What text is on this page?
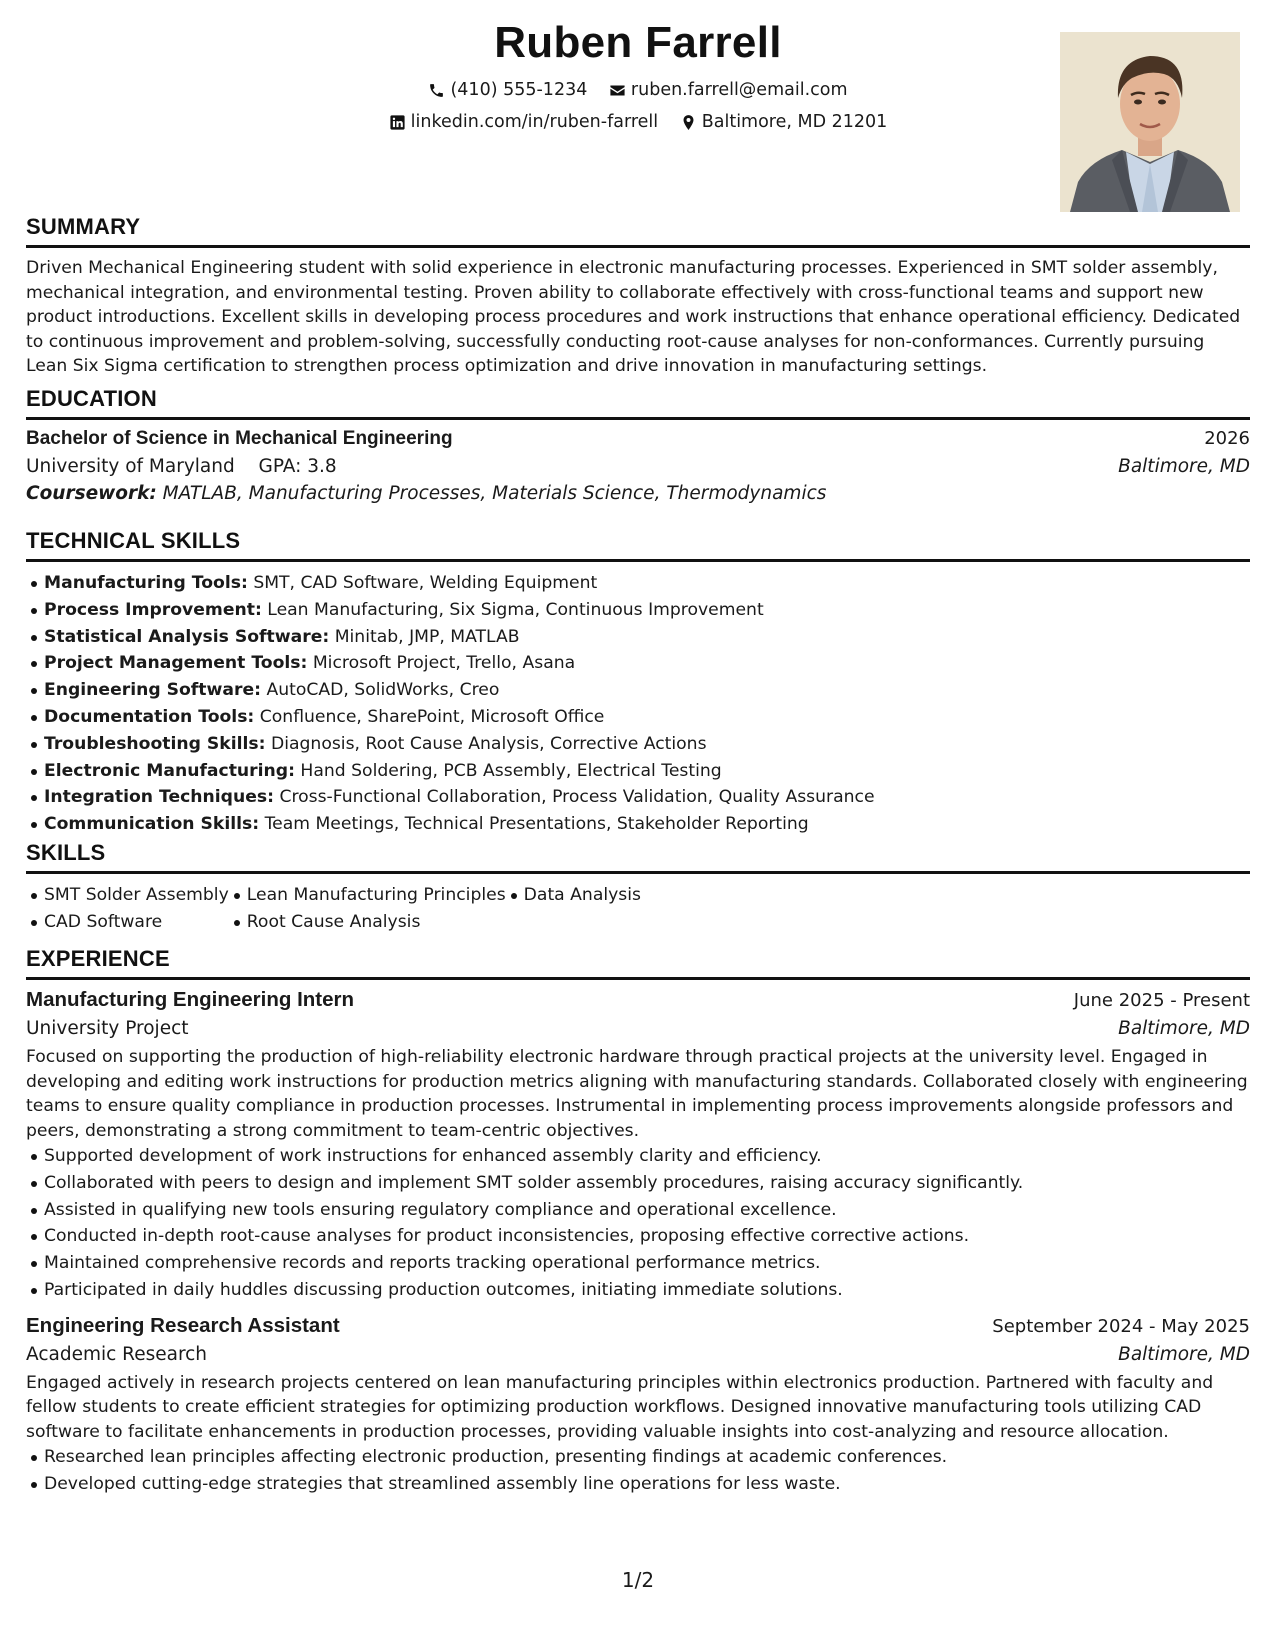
Ruben Farrell
(410) 555-1234
ruben.farrell@email.com
linkedin.com/in/ruben-farrell
Baltimore, MD 21201
SUMMARY

Driven Mechanical Engineering student with solid experience in electronic manufacturing processes. Experienced in SMT solder assembly, mechanical integration, and environmental testing. Proven ability to collaborate effectively with cross-functional teams and support new product introductions. Excellent skills in developing process procedures and work instructions that enhance operational efficiency. Dedicated to continuous improvement and problem-solving, successfully conducting root-cause analyses for non-conformances. Currently pursuing Lean Six Sigma certification to strengthen process optimization and drive innovation in manufacturing settings.

EDUCATION
Bachelor of Science in Mechanical Engineering	2026
University of Maryland GPA: 3.8	Baltimore, MD
Coursework: MATLAB, Manufacturing Processes, Materials Science, Thermodynamics
TECHNICAL SKILLS
Manufacturing Tools: SMT, CAD Software, Welding Equipment
Process Improvement: Lean Manufacturing, Six Sigma, Continuous Improvement
Statistical Analysis Software: Minitab, JMP, MATLAB
Project Management Tools: Microsoft Project, Trello, Asana
Engineering Software: AutoCAD, SolidWorks, Creo
Documentation Tools: Confluence, SharePoint, Microsoft Office
Troubleshooting Skills: Diagnosis, Root Cause Analysis, Corrective Actions
Electronic Manufacturing: Hand Soldering, PCB Assembly, Electrical Testing
Integration Techniques: Cross-Functional Collaboration, Process Validation, Quality Assurance
Communication Skills: Team Meetings, Technical Presentations, Stakeholder Reporting
SKILLS
SMT Solder Assembly
CAD Software
Lean Manufacturing Principles
Root Cause Analysis
Data Analysis
EXPERIENCE
Manufacturing Engineering Intern	June 2025 - Present
University Project	Baltimore, MD

Focused on supporting the production of high-reliability electronic hardware through practical projects at the university level. Engaged in developing and editing work instructions for production metrics aligning with manufacturing standards. Collaborated closely with engineering teams to ensure quality compliance in production processes. Instrumental in implementing process improvements alongside professors and peers, demonstrating a strong commitment to team-centric objectives.

Supported development of work instructions for enhanced assembly clarity and efficiency.
Collaborated with peers to design and implement SMT solder assembly procedures, raising accuracy significantly.
Assisted in qualifying new tools ensuring regulatory compliance and operational excellence.
Conducted in-depth root-cause analyses for product inconsistencies, proposing effective corrective actions.
Maintained comprehensive records and reports tracking operational performance metrics.
Participated in daily huddles discussing production outcomes, initiating immediate solutions.
Engineering Research Assistant	September 2024 - May 2025
Academic Research	Baltimore, MD

Engaged actively in research projects centered on lean manufacturing principles within electronics production. Partnered with faculty and fellow students to create efficient strategies for optimizing production workflows. Designed innovative manufacturing tools utilizing CAD software to facilitate enhancements in production processes, providing valuable insights into cost-analyzing and resource allocation.

Researched lean principles affecting electronic production, presenting findings at academic conferences.
Developed cutting-edge strategies that streamlined assembly line operations for less waste.
1/2
